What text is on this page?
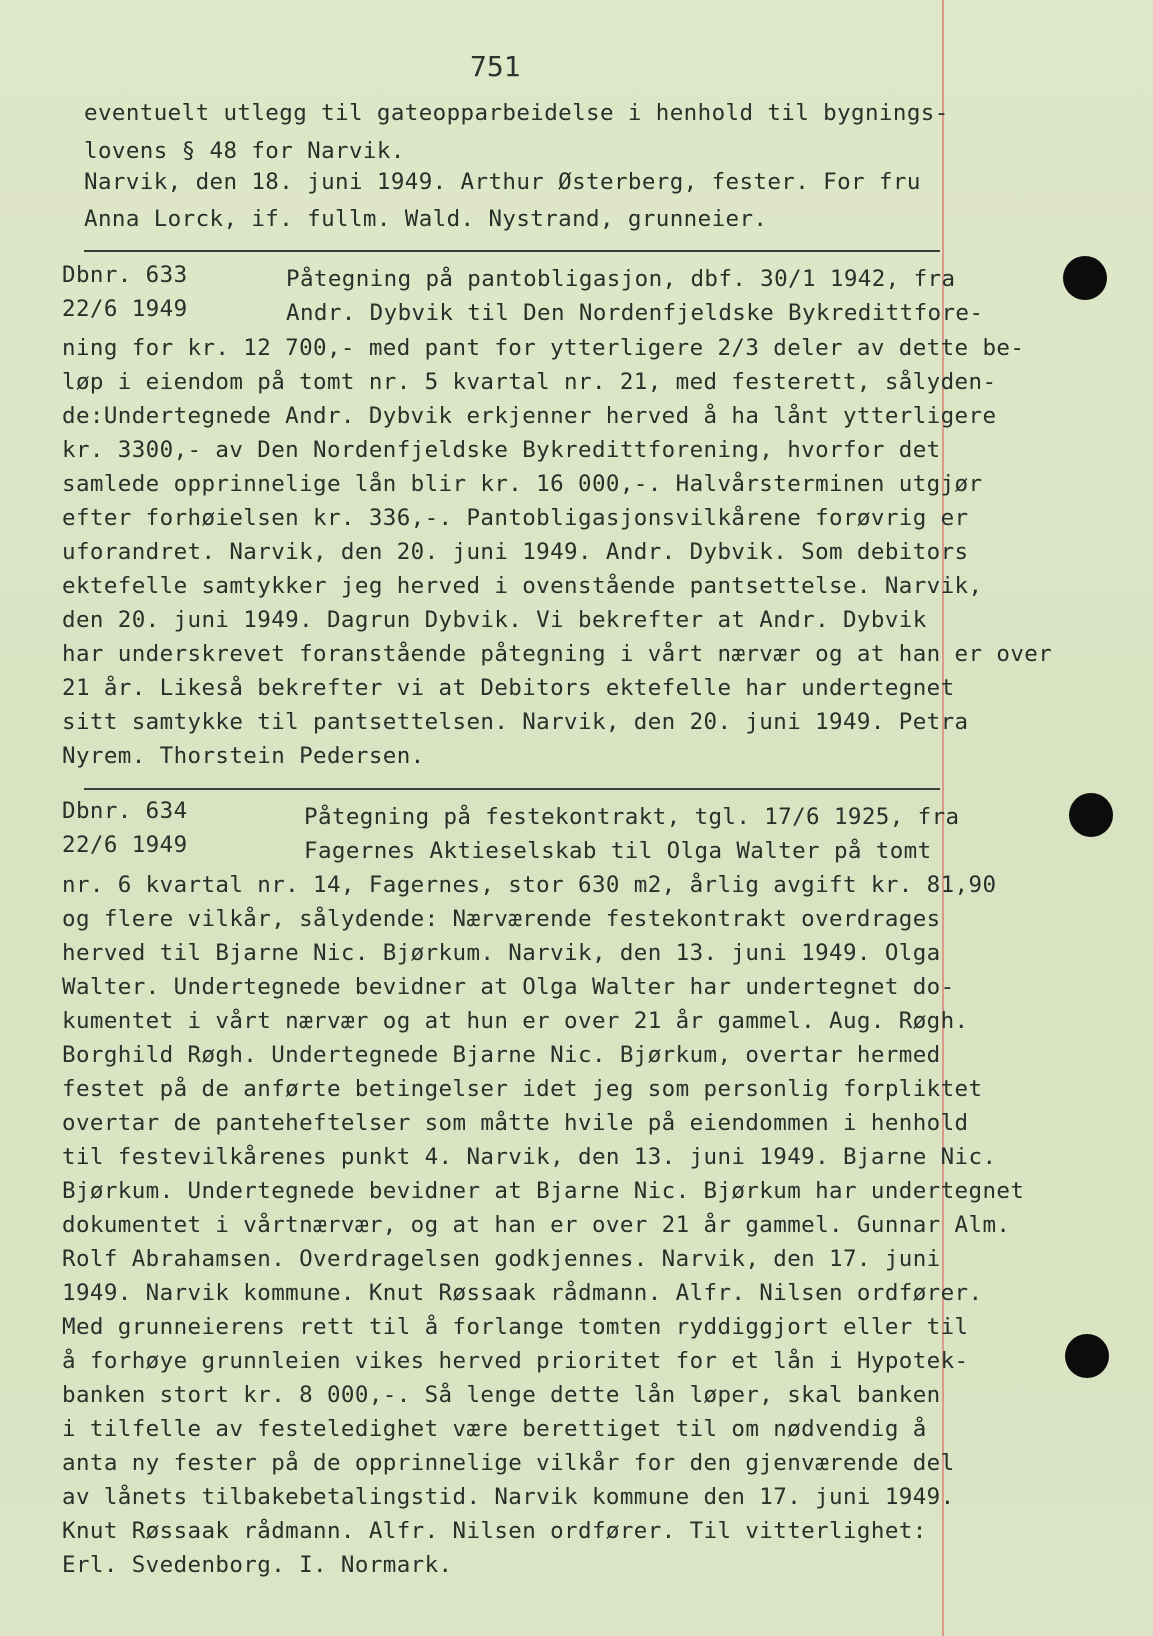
751
eventuelt utlegg til gateopparbeidelse i henhold til bygnings-
lovens § 48 for Narvik.
Narvik, den 18. juni 1949. Arthur Østerberg, fester. For fru
Anna Lorck, if. fullm. Wald. Nystrand, grunneier.
Dbnr. 633
22/6 1949
Påtegning på pantobligasjon, dbf. 30/1 1942, fra
Andr. Dybvik til Den Nordenfjeldske Bykredittfore-
ning for kr. 12 700,- med pant for ytterligere 2/3 deler av dette be-
løp i eiendom på tomt nr. 5 kvartal nr. 21, med festerett, sålyden-
de:Undertegnede Andr. Dybvik erkjenner herved å ha lånt ytterligere
kr. 3300,- av Den Nordenfjeldske Bykredittforening, hvorfor det
samlede opprinnelige lån blir kr. 16 000,-. Halvårsterminen utgjør
efter forhøielsen kr. 336,-. Pantobligasjonsvilkårene forøvrig er
uforandret. Narvik, den 20. juni 1949. Andr. Dybvik. Som debitors
ektefelle samtykker jeg herved i ovenstående pantsettelse. Narvik,
den 20. juni 1949. Dagrun Dybvik. Vi bekrefter at Andr. Dybvik
har underskrevet foranstående påtegning i vårt nærvær og at han er over
21 år. Likeså bekrefter vi at Debitors ektefelle har undertegnet
sitt samtykke til pantsettelsen. Narvik, den 20. juni 1949. Petra
Nyrem. Thorstein Pedersen.
Dbnr. 634
22/6 1949
Påtegning på festekontrakt, tgl. 17/6 1925, fra
Fagernes Aktieselskab til Olga Walter på tomt
nr. 6 kvartal nr. 14, Fagernes, stor 630 m2, årlig avgift kr. 81,90
og flere vilkår, sålydende: Nærværende festekontrakt overdrages
herved til Bjarne Nic. Bjørkum. Narvik, den 13. juni 1949. Olga
Walter. Undertegnede bevidner at Olga Walter har undertegnet do-
kumentet i vårt nærvær og at hun er over 21 år gammel. Aug. Røgh.
Borghild Røgh. Undertegnede Bjarne Nic. Bjørkum, overtar hermed
festet på de anførte betingelser idet jeg som personlig forpliktet
overtar de panteheftelser som måtte hvile på eiendommen i henhold
til festevilkårenes punkt 4. Narvik, den 13. juni 1949. Bjarne Nic.
Bjørkum. Undertegnede bevidner at Bjarne Nic. Bjørkum har undertegnet
dokumentet i vårtnærvær, og at han er over 21 år gammel. Gunnar Alm.
Rolf Abrahamsen. Overdragelsen godkjennes. Narvik, den 17. juni
1949. Narvik kommune. Knut Røssaak rådmann. Alfr. Nilsen ordfører.
Med grunneierens rett til å forlange tomten ryddiggjort eller til
å forhøye grunnleien vikes herved prioritet for et lån i Hypotek-
banken stort kr. 8 000,-. Så lenge dette lån løper, skal banken
i tilfelle av festeledighet være berettiget til om nødvendig å
anta ny fester på de opprinnelige vilkår for den gjenværende del
av lånets tilbakebetalingstid. Narvik kommune den 17. juni 1949.
Knut Røssaak rådmann. Alfr. Nilsen ordfører. Til vitterlighet:
Erl. Svedenborg. I. Normark.
